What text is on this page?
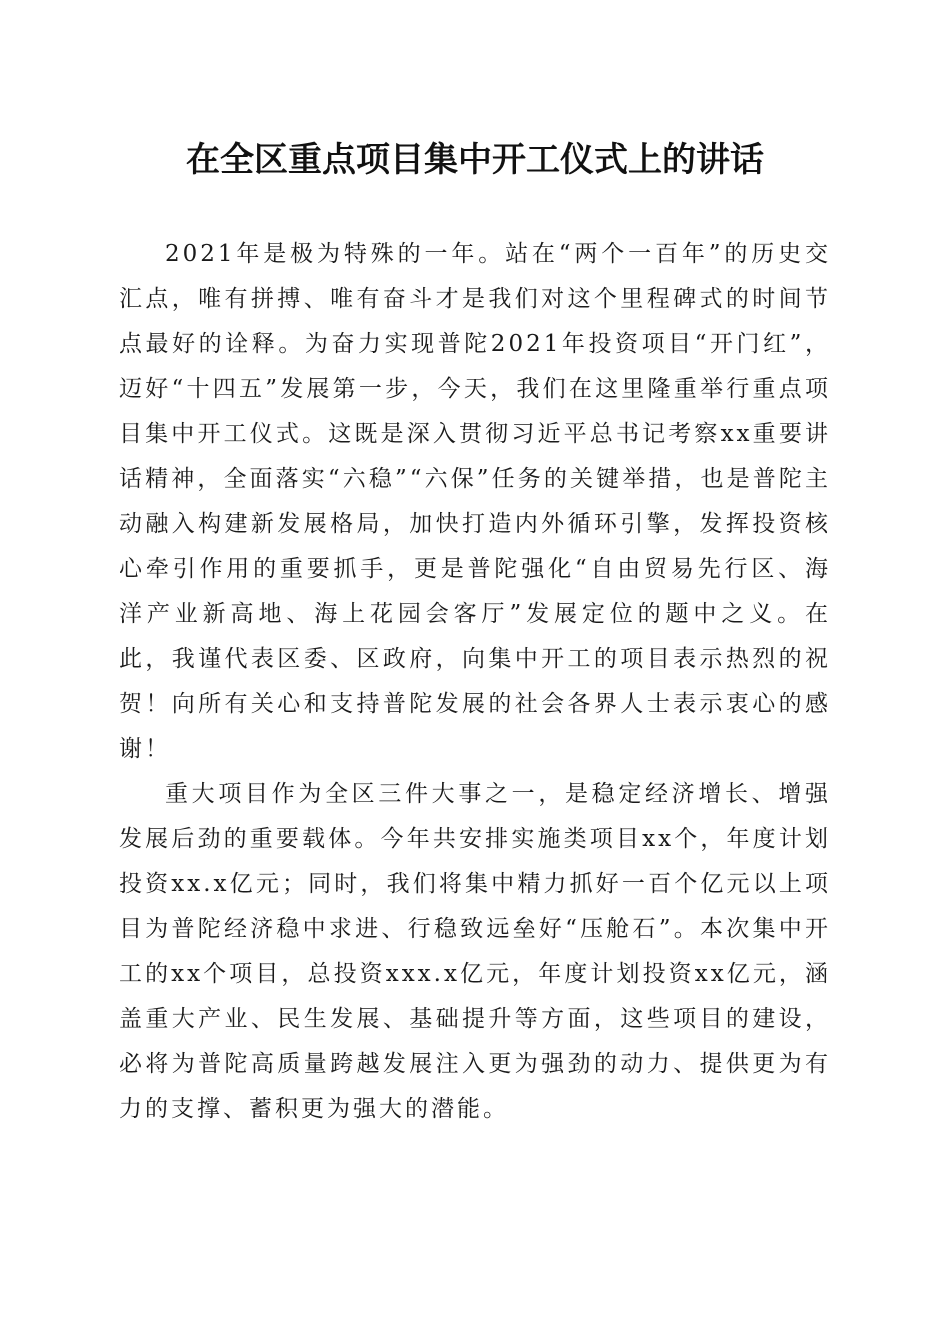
在全区重点项目集中开工仪式上的讲话

2021年是极为特殊的一年。站在“两个一百年”的历史交汇点，唯有拼搏、唯有奋斗才是我们对这个里程碑式的时间节点最好的诠释。为奋力实现普陀2021年投资项目“开门红”，迈好“十四五”发展第一步，今天，我们在这里隆重举行重点项目集中开工仪式。这既是深入贯彻习近平总书记考察xx重要讲话精神，全面落实“六稳”“六保”任务的关键举措，也是普陀主动融入构建新发展格局，加快打造内外循环引擎，发挥投资核心牵引作用的重要抓手，更是普陀强化“自由贸易先行区、海洋产业新高地、海上花园会客厅”发展定位的题中之义。在此，我谨代表区委、区政府，向集中开工的项目表示热烈的祝贺！向所有关心和支持普陀发展的社会各界人士表示衷心的感谢！

重大项目作为全区三件大事之一，是稳定经济增长、增强发展后劲的重要载体。今年共安排实施类项目xx个，年度计划投资xx.x亿元；同时，我们将集中精力抓好一百个亿元以上项目为普陀经济稳中求进、行稳致远垒好“压舱石”。本次集中开工的xx个项目，总投资xxx.x亿元，年度计划投资xx亿元，涵盖重大产业、民生发展、基础提升等方面，这些项目的建设，必将为普陀高质量跨越发展注入更为强劲的动力、提供更为有力的支撑、蓄积更为强大的潜能。
